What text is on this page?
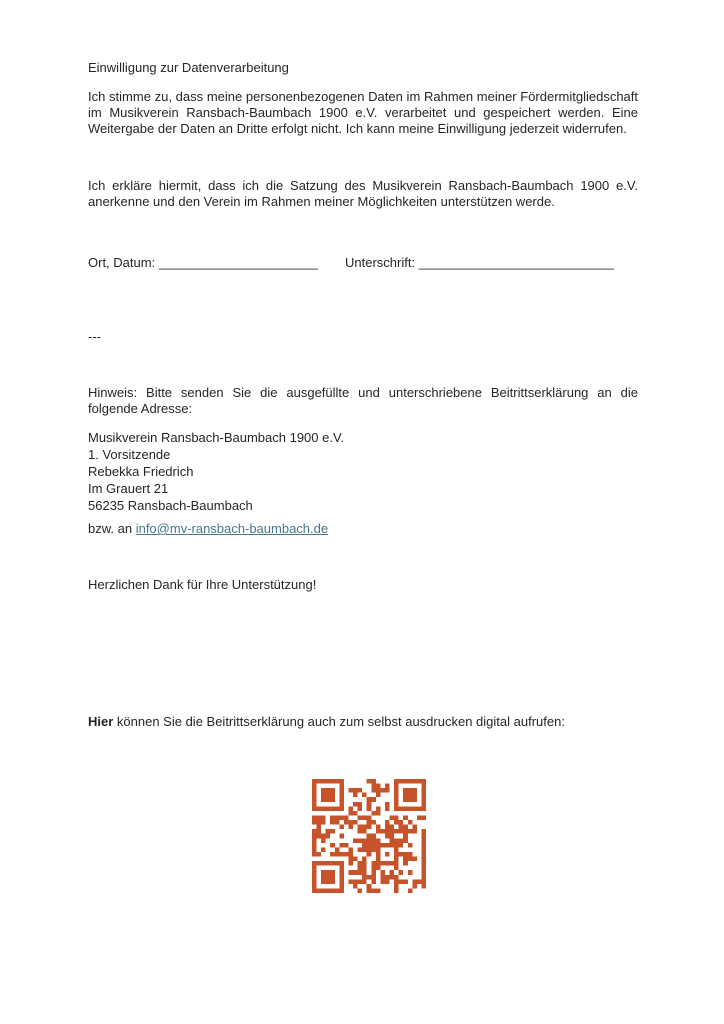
Einwilligung zur Datenverarbeitung
Ich stimme zu, dass meine personenbezogenen Daten im Rahmen meiner Fördermitgliedschaft im Musikverein Ransbach-Baumbach 1900 e.V. verarbeitet und gespeichert werden. Eine Weitergabe der Daten an Dritte erfolgt nicht. Ich kann meine Einwilligung jederzeit widerrufen.
Ich erkläre hiermit, dass ich die Satzung des Musikverein Ransbach-Baumbach 1900 e.V. anerkenne und den Verein im Rahmen meiner Möglichkeiten unterstützen werde.
Ort, Datum: ______________________ Unterschrift: ___________________________
---
Hinweis: Bitte senden Sie die ausgefüllte und unterschriebene Beitrittserklärung an die folgende Adresse:
Musikverein Ransbach-Baumbach 1900 e.V.
1. Vorsitzende
Rebekka Friedrich
Im Grauert 21
56235 Ransbach-Baumbach
bzw. an info@mv-ransbach-baumbach.de
Herzlichen Dank für Ihre Unterstützung!
Hier können Sie die Beitrittserklärung auch zum selbst ausdrucken digital aufrufen:
